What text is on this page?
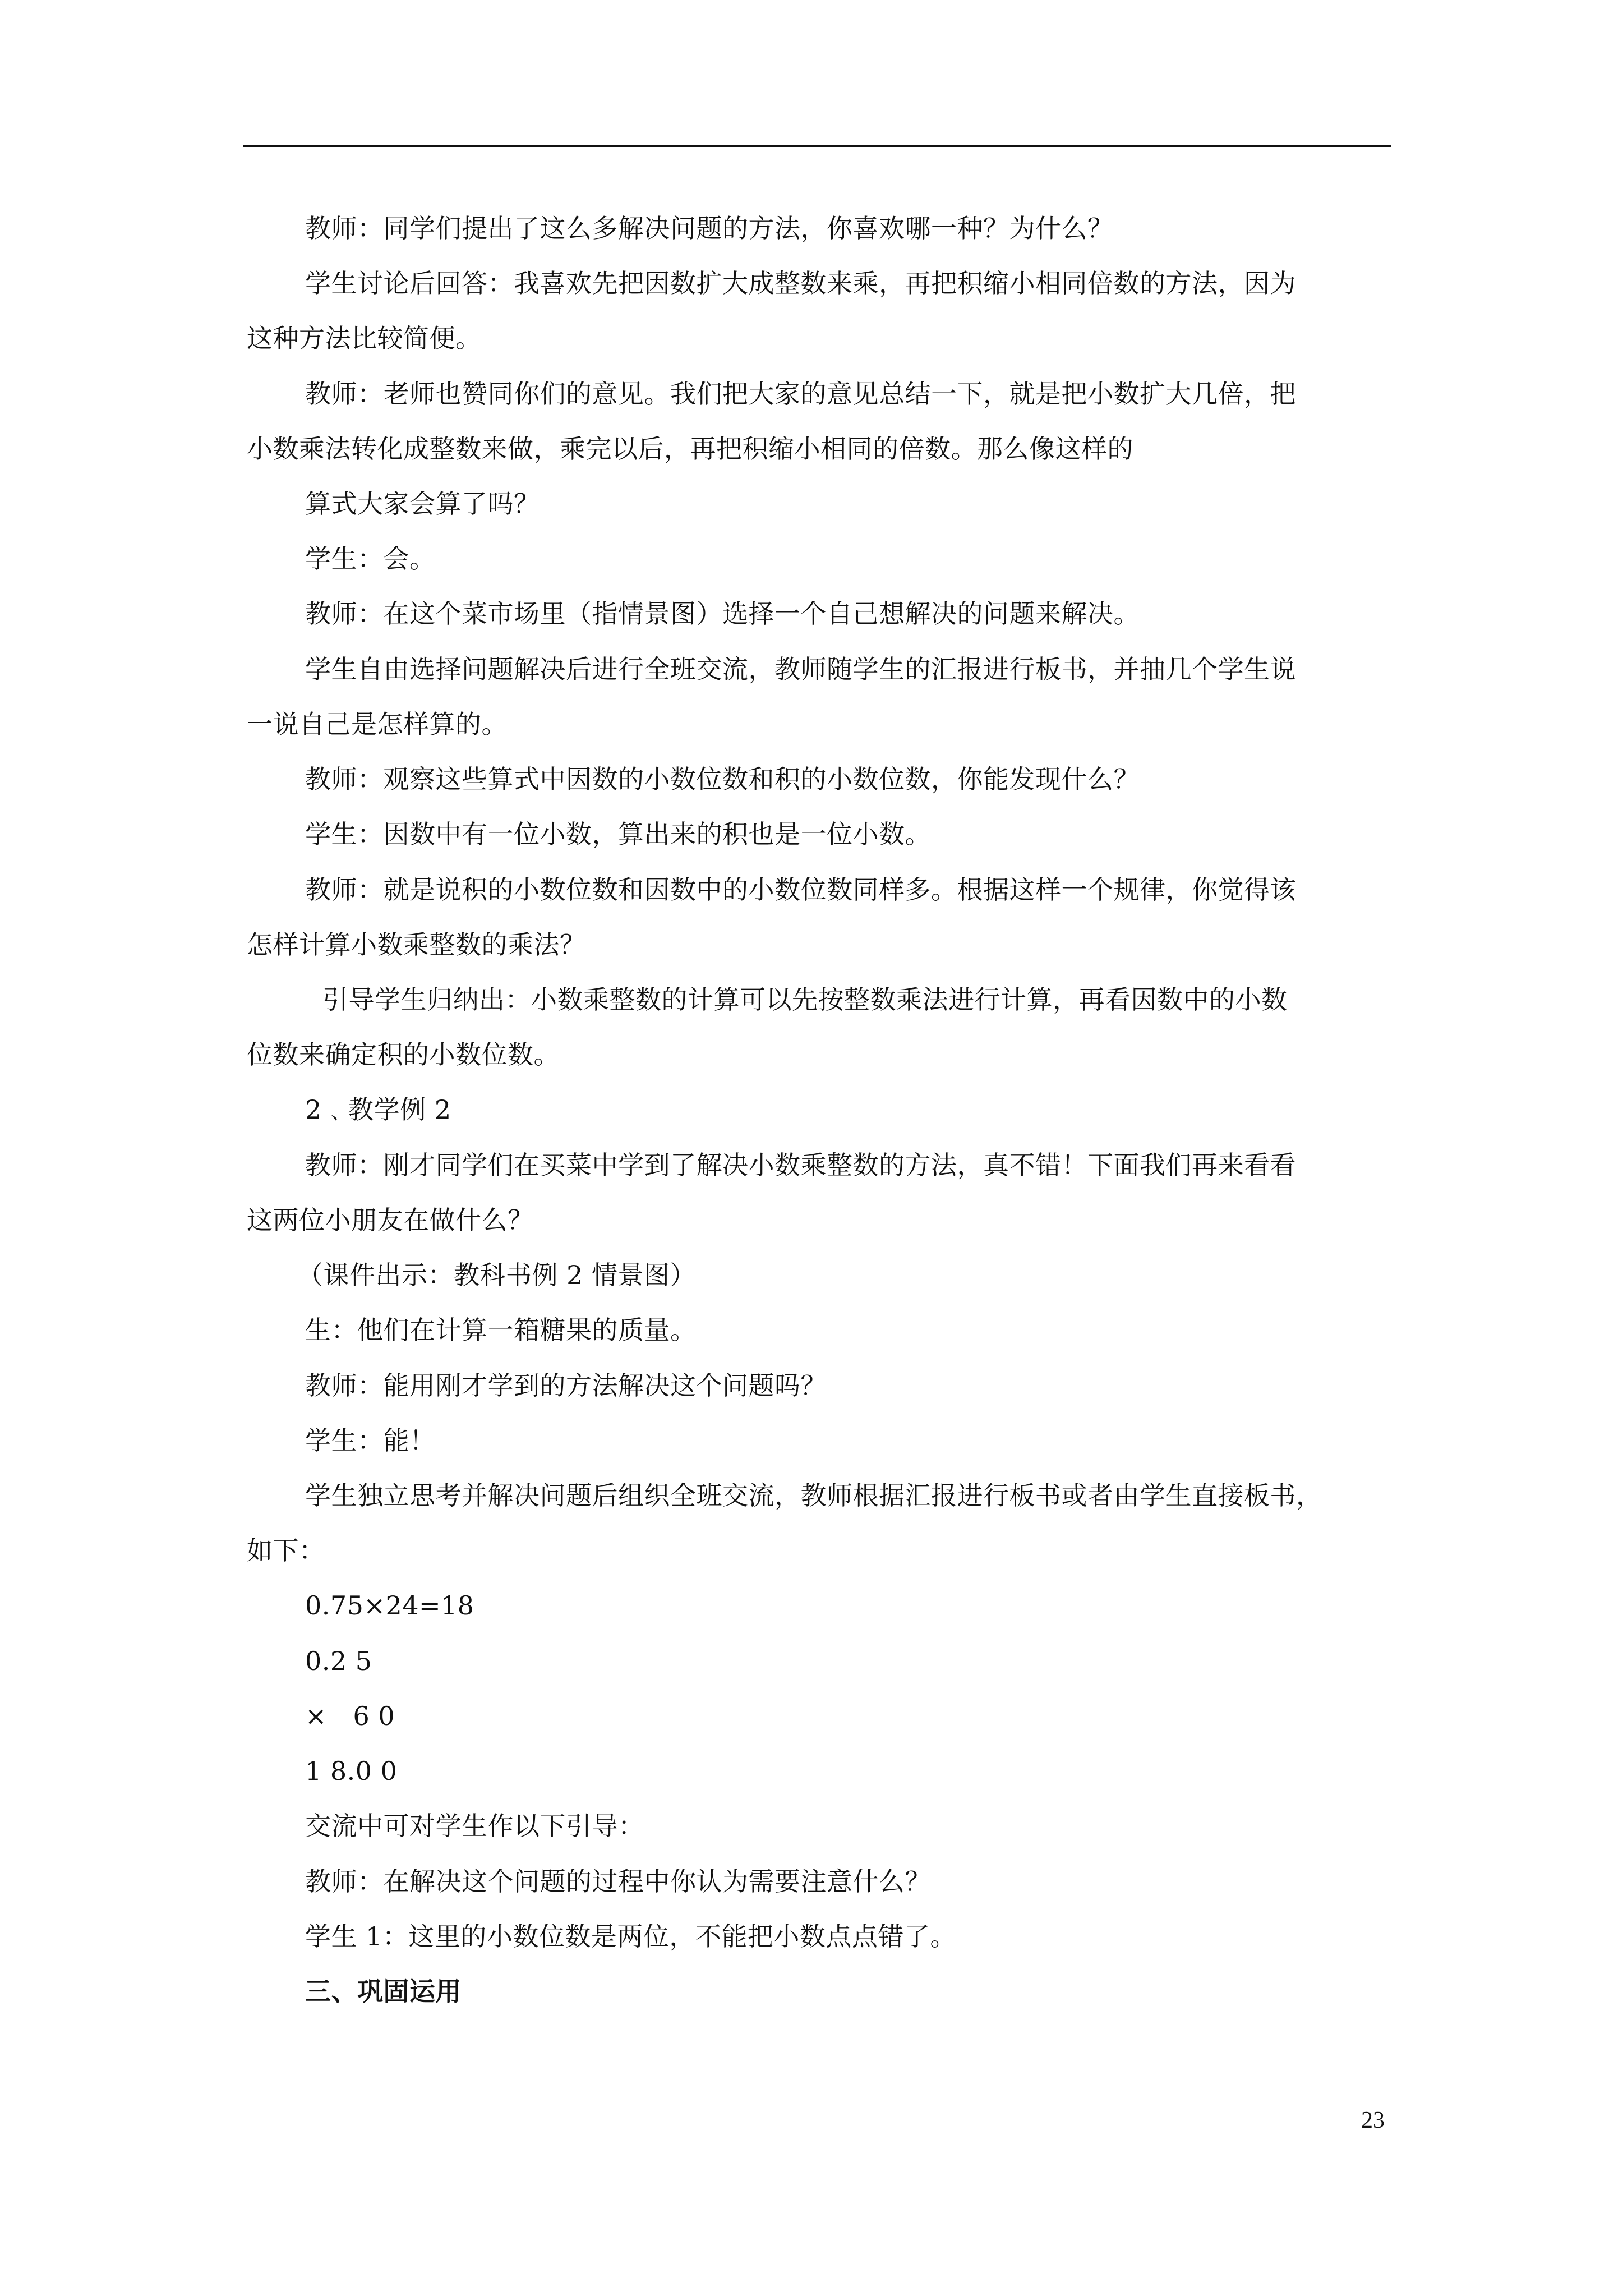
教师：同学们提出了这么多解决问题的方法，你喜欢哪一种？为什么？
学生讨论后回答：我喜欢先把因数扩大成整数来乘，再把积缩小相同倍数的方法，因为
这种方法比较简便。
教师：老师也赞同你们的意见。我们把大家的意见总结一下，就是把小数扩大几倍，把
小数乘法转化成整数来做，乘完以后，再把积缩小相同的倍数。那么像这样的
算式大家会算了吗？
学生：会。
教师：在这个菜市场里（指情景图）选择一个自己想解决的问题来解决。
学生自由选择问题解决后进行全班交流，教师随学生的汇报进行板书，并抽几个学生说
一说自己是怎样算的。
教师：观察这些算式中因数的小数位数和积的小数位数，你能发现什么？
学生：因数中有一位小数，算出来的积也是一位小数。
教师：就是说积的小数位数和因数中的小数位数同样多。根据这样一个规律，你觉得该
怎样计算小数乘整数的乘法？
引导学生归纳出：小数乘整数的计算可以先按整数乘法进行计算，再看因数中的小数
位数来确定积的小数位数。
2﹑教学例 2
教师：刚才同学们在买菜中学到了解决小数乘整数的方法，真不错！下面我们再来看看
这两位小朋友在做什么？
（课件出示：教科书例 2 情景图）
生：他们在计算一箱糖果的质量。
教师：能用刚才学到的方法解决这个问题吗？
学生：能！
学生独立思考并解决问题后组织全班交流，教师根据汇报进行板书或者由学生直接板书，
如下：
0.75×24=18
0.2 5
×　6 0
1 8.0 0
交流中可对学生作以下引导：
教师：在解决这个问题的过程中你认为需要注意什么？
学生 1：这里的小数位数是两位，不能把小数点点错了。
三、巩固运用
23
